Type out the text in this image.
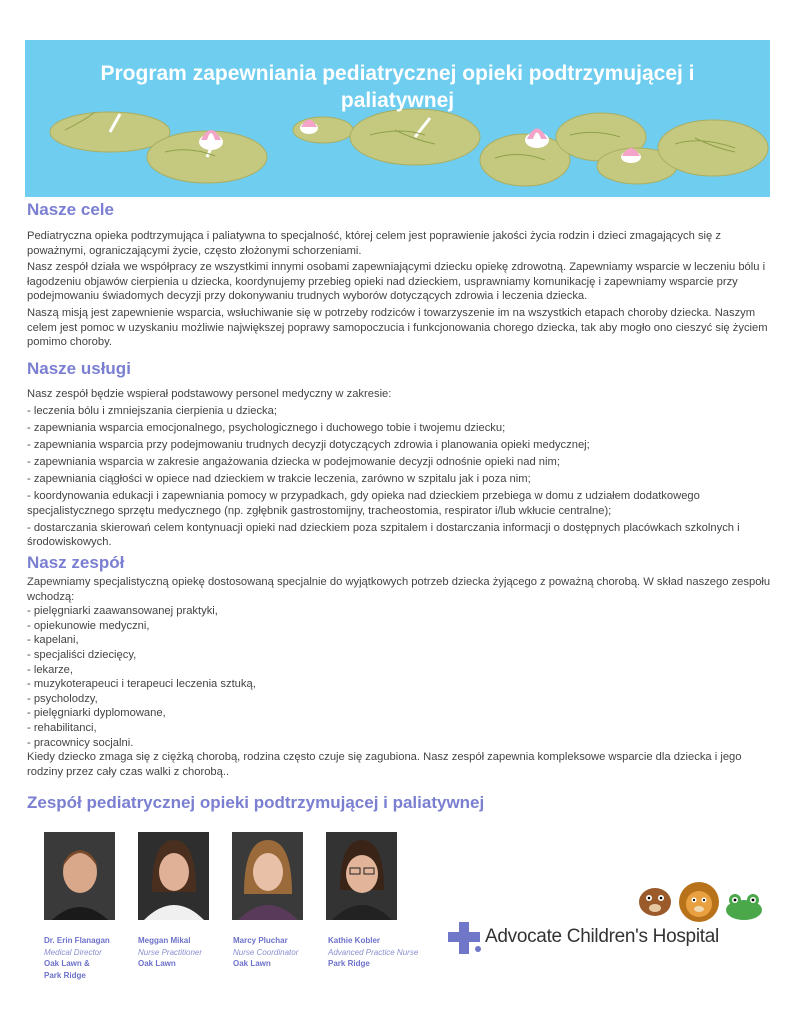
Program zapewniania pediatrycznej opieki podtrzymującej i paliatywnej
Nasze cele

Pediatryczna opieka podtrzymująca i paliatywna to specjalność, której celem jest poprawienie jakości życia rodzin i dzieci zmagających się z poważnymi, ograniczającymi życie, często złożonymi schorzeniami.

Nasz zespół działa we współpracy ze wszystkimi innymi osobami zapewniającymi dziecku opiekę zdrowotną. Zapewniamy wsparcie w leczeniu bólu i łagodzeniu objawów cierpienia u dziecka, koordynujemy przebieg opieki nad dzieckiem, usprawniamy komunikację i zapewniamy wsparcie przy podejmowaniu świadomych decyzji przy dokonywaniu trudnych wyborów dotyczących zdrowia i leczenia dziecka.

Naszą misją jest zapewnienie wsparcia, wsłuchiwanie się w potrzeby rodziców i towarzyszenie im na wszystkich etapach choroby dziecka. Naszym celem jest pomoc w uzyskaniu możliwie największej poprawy samopoczucia i funkcjonowania chorego dziecka, tak aby mogło ono cieszyć się życiem pomimo choroby.

Nasze usługi
Nasz zespół będzie wspierał podstawowy personel medyczny w zakresie:
- leczenia bólu i zmniejszania cierpienia u dziecka;
- zapewniania wsparcia emocjonalnego, psychologicznego i duchowego tobie i twojemu dziecku;
- zapewniania wsparcia przy podejmowaniu trudnych decyzji dotyczących zdrowia i planowania opieki medycznej;
- zapewniania wsparcia w zakresie angażowania dziecka w podejmowanie decyzji odnośnie opieki nad nim;
- zapewniania ciągłości w opiece nad dzieckiem w trakcie leczenia, zarówno w szpitalu jak i poza nim;
- koordynowania edukacji i zapewniania pomocy w przypadkach, gdy opieka nad dzieckiem przebiega w domu z udziałem dodatkowego specjalistycznego sprzętu medycznego (np. zgłębnik gastrostomijny, tracheostomia, respirator i/lub wkłucie centralne);
- dostarczania skierowań celem kontynuacji opieki nad dzieckiem poza szpitalem i dostarczania informacji o dostępnych placówkach szkolnych i środowiskowych.
Nasz zespół
Zapewniamy specjalistyczną opiekę dostosowaną specjalnie do wyjątkowych potrzeb dziecka żyjącego z poważną chorobą. W skład naszego zespołu wchodzą:
- pielęgniarki zaawansowanej praktyki,
- opiekunowie medyczni,
- kapelani,
- specjaliści dziecięcy,
- lekarze,
- muzykoterapeuci i terapeuci leczenia sztuką,
- psycholodzy,
- pielęgniarki dyplomowane,
- rehabilitanci,
- pracownicy socjalni.
Kiedy dziecko zmaga się z ciężką chorobą, rodzina często czuje się zagubiona. Nasz zespół zapewnia kompleksowe wsparcie dla dziecka i jego rodziny przez cały czas walki z chorobą..
Zespół pediatrycznej opieki podtrzymującej i paliatywnej
Dr. Erin Flanagan
Medical Director
Oak Lawn &
Park Ridge
Meggan Mikal
Nurse Practitioner
Oak Lawn
Marcy Pluchar
Nurse Coordinator
Oak Lawn
Kathie Kobler
Advanced Practice Nurse
Park Ridge
Advocate Children's Hospital
